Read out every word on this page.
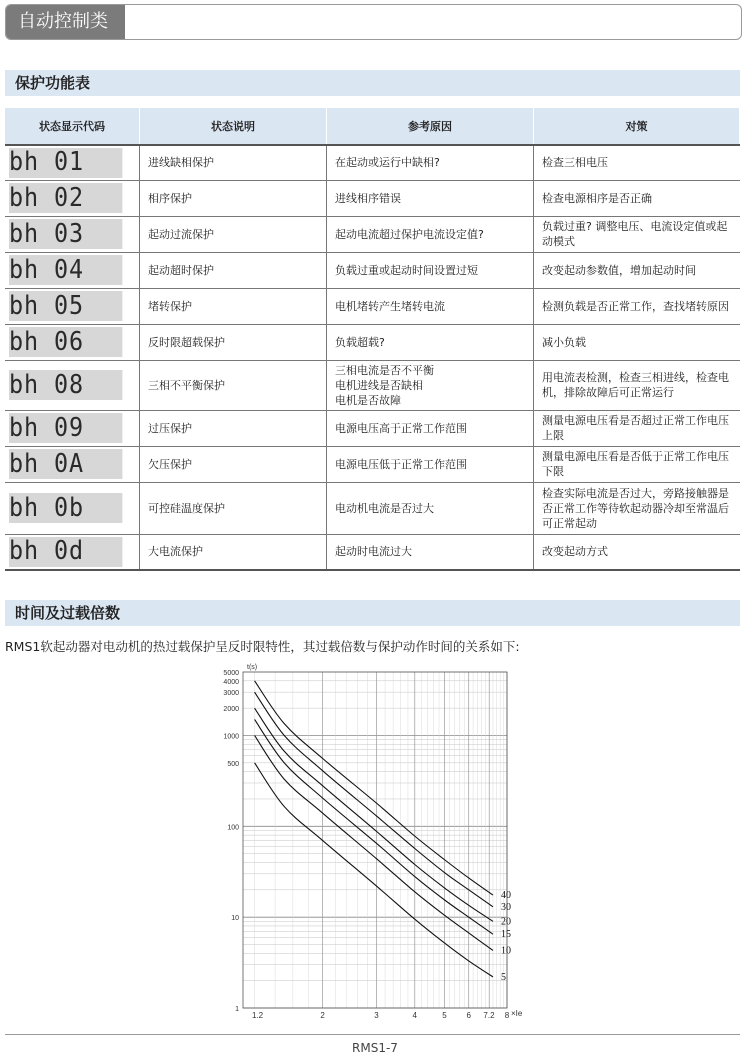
自动控制类
保护功能表
状态显示代码	状态说明	参考原因	对策

bh 01	进线缺相保护	在起动或运行中缺相?	检查三相电压

bh 02	相序保护	进线相序错误	检查电源相序是否正确

bh 03	起动过流保护	起动电流超过保护电流设定值?	负载过重? 调整电压、电流设定值或起动模式

bh 04	起动超时保护	负载过重或起动时间设置过短	改变起动参数值，增加起动时间

bh 05	堵转保护	电机堵转产生堵转电流	检测负载是否正常工作，查找堵转原因

bh 06	反时限超载保护	负载超载?	减小负载

bh 08	三相不平衡保护	三相电流是否不平衡
电机进线是否缺相
电机是否故障	用电流表检测，检查三相进线，检查电机，排除故障后可正常运行

bh 09	过压保护	电源电压高于正常工作范围	测量电源电压看是否超过正常工作电压上限

bh 0A	欠压保护	电源电压低于正常工作范围	测量电源电压看是否低于正常工作电压下限

bh 0b	可控硅温度保护	电动机电流是否过大	检查实际电流是否过大，旁路接触器是否正常工作等待软起动器冷却至常温后可正常起动

bh 0d	大电流保护	起动时电流过大	改变起动方式
时间及过载倍数
RMS1软起动器对电动机的热过载保护呈反时限特性，其过载倍数与保护动作时间的关系如下:
5000
4000
3000
2000
1000
500
100
10
1
1.2	2	3	4	5 6 7.2 8 ×Ie
t(s)
40
30
20
15
10
5
RMS1-7
